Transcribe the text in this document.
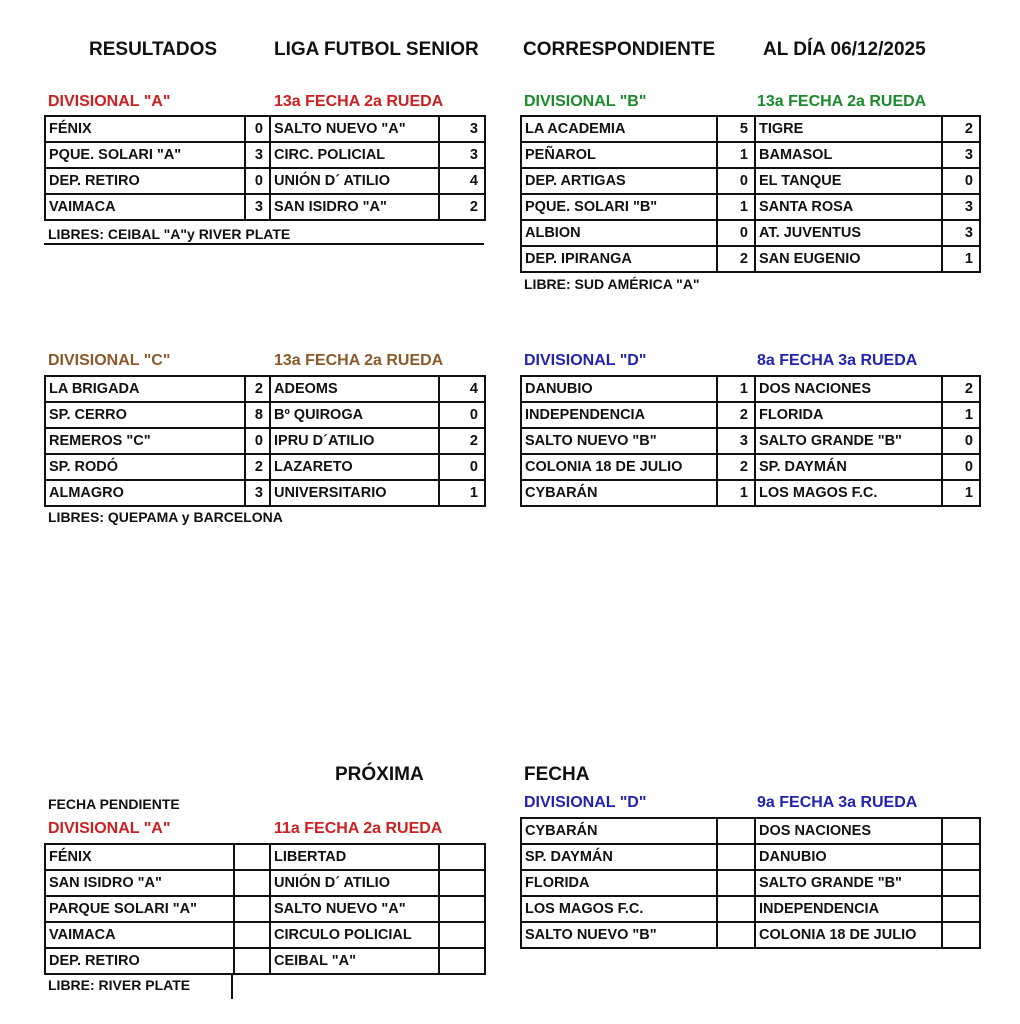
RESULTADOS	LIGA FUTBOL SENIOR CORRESPONDIENTE	AL DÍA 06/12/2025
DIVISIONAL "A"	13a FECHA 2a RUEDA
FÉNIX	0	SALTO NUEVO "A"	3
PQUE. SOLARI "A"	3	CIRC. POLICIAL	3
DEP. RETIRO	0	UNIÓN D´ ATILIO	4
VAIMACA	3	SAN ISIDRO "A"	2
LIBRES: CEIBAL "A"y RIVER PLATE
DIVISIONAL "B"	13a FECHA 2a RUEDA
LA ACADEMIA	5	TIGRE	2
PEÑAROL	1	BAMASOL	3
DEP. ARTIGAS	0	EL TANQUE	0
PQUE. SOLARI "B"	1	SANTA ROSA	3
ALBION	0	AT. JUVENTUS	3
DEP. IPIRANGA	2	SAN EUGENIO	1
LIBRE: SUD AMÉRICA "A"
DIVISIONAL "C"	13a FECHA 2a RUEDA
LA BRIGADA	2	ADEOMS	4
SP. CERRO	8	Bº QUIROGA	0
REMEROS "C"	0	IPRU D´ATILIO	2
SP. RODÓ	2	LAZARETO	0
ALMAGRO	3	UNIVERSITARIO	1
LIBRES: QUEPAMA y BARCELONA
DIVISIONAL "D"	8a FECHA 3a RUEDA
DANUBIO	1	DOS NACIONES	2
INDEPENDENCIA	2	FLORIDA	1
SALTO NUEVO "B"	3	SALTO GRANDE "B"	0
COLONIA 18 DE JULIO	2	SP. DAYMÁN	0
CYBARÁN	1	LOS MAGOS F.C.	1
PRÓXIMA	FECHA
FECHA PENDIENTE
DIVISIONAL "A"	11a FECHA 2a RUEDA
FÉNIX		LIBERTAD	
SAN ISIDRO "A"		UNIÓN D´ ATILIO	
PARQUE SOLARI "A"		SALTO NUEVO "A"	
VAIMACA		CIRCULO POLICIAL	
DEP. RETIRO		CEIBAL "A"	
LIBRE: RIVER PLATE
DIVISIONAL "D"	9a FECHA 3a RUEDA
CYBARÁN		DOS NACIONES	
SP. DAYMÁN		DANUBIO	
FLORIDA		SALTO GRANDE "B"	
LOS MAGOS F.C.		INDEPENDENCIA	
SALTO NUEVO "B"		COLONIA 18 DE JULIO	
